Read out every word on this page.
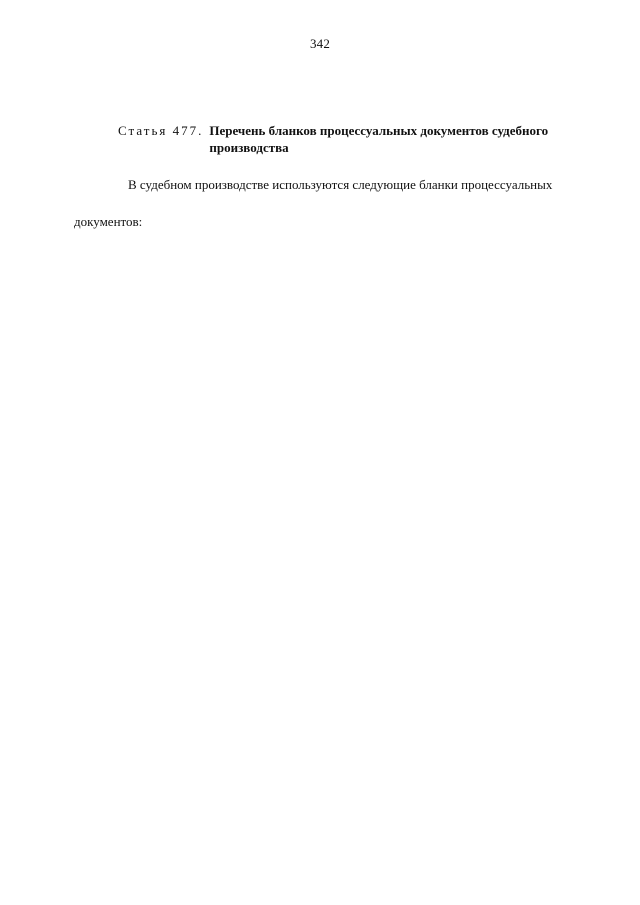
342
Статья 477. Перечень бланков процессуальных документов судебного производства
В судебном производстве используются следующие бланки процессуальных
документов:
